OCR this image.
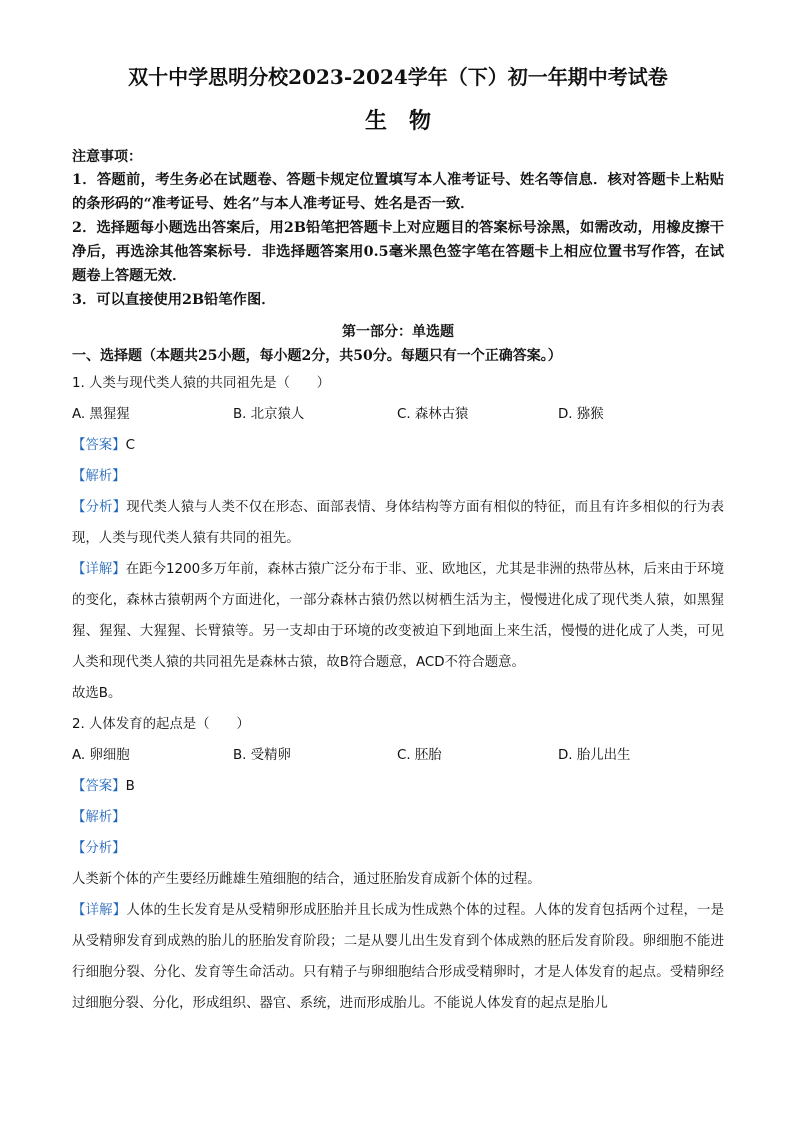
双十中学思明分校2023-2024学年（下）初一年期中考试卷
生物
注意事项：

1．答题前，考生务必在试题卷、答题卡规定位置填写本人准考证号、姓名等信息．核对答题卡上粘贴的条形码的“准考证号、姓名”与本人准考证号、姓名是否一致．

2．选择题每小题选出答案后，用2B铅笔把答题卡上对应题目的答案标号涂黑，如需改动，用橡皮擦干净后，再选涂其他答案标号．非选择题答案用0.5毫米黑色签字笔在答题卡上相应位置书写作答，在试题卷上答题无效．

3．可以直接使用2B铅笔作图．

第一部分：单选题
一、选择题（本题共25小题，每小题2分，共50分。每题只有一个正确答案。）
1. 人类与现代类人猿的共同祖先是（　　）
A. 黑猩猩	B. 北京猿人	C. 森林古猿	D. 猕猴
【答案】C
【解析】

【分析】现代类人猿与人类不仅在形态、面部表情、身体结构等方面有相似的特征，而且有许多相似的行为表现，人类与现代类人猿有共同的祖先。

【详解】在距今1200多万年前，森林古猿广泛分布于非、亚、欧地区，尤其是非洲的热带丛林，后来由于环境的变化，森林古猿朝两个方面进化，一部分森林古猿仍然以树栖生活为主，慢慢进化成了现代类人猿，如黑猩猩、猩猩、大猩猩、长臂猿等。另一支却由于环境的改变被迫下到地面上来生活，慢慢的进化成了人类，可见人类和现代类人猿的共同祖先是森林古猿，故B符合题意，ACD不符合题意。

故选B。
2. 人体发育的起点是（　　）
A. 卵细胞	B. 受精卵	C. 胚胎	D. 胎儿出生
【答案】B
【解析】
【分析】

人类新个体的产生要经历雌雄生殖细胞的结合，通过胚胎发育成新个体的过程。

【详解】人体的生长发育是从受精卵形成胚胎并且长成为性成熟个体的过程。人体的发育包括两个过程，一是从受精卵发育到成熟的胎儿的胚胎发育阶段；二是从婴儿出生发育到个体成熟的胚后发育阶段。卵细胞不能进行细胞分裂、分化、发育等生命活动。只有精子与卵细胞结合形成受精卵时，才是人体发育的起点。受精卵经过细胞分裂、分化，形成组织、器官、系统，进而形成胎儿。不能说人体发育的起点是胎儿
